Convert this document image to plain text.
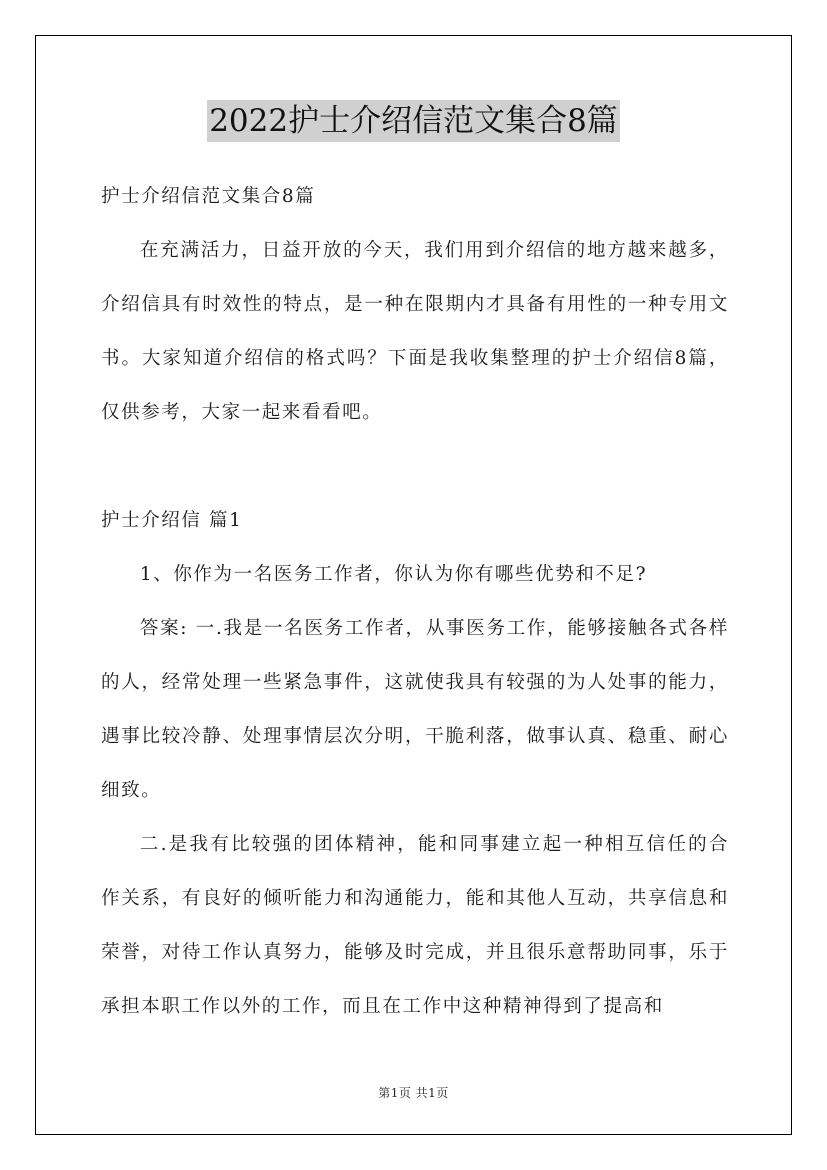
2022护士介绍信范文集合8篇

护士介绍信范文集合8篇

在充满活力，日益开放的今天，我们用到介绍信的地方越来越多，介绍信具有时效性的特点，是一种在限期内才具备有用性的一种专用文书。大家知道介绍信的格式吗？下面是我收集整理的护士介绍信8篇，仅供参考，大家一起来看看吧。

护士介绍信 篇1

1、你作为一名医务工作者，你认为你有哪些优势和不足?

答案: 一.我是一名医务工作者，从事医务工作，能够接触各式各样的人，经常处理一些紧急事件，这就使我具有较强的为人处事的能力，遇事比较冷静、处理事情层次分明，干脆利落，做事认真、稳重、耐心细致。

二.是我有比较强的团体精神，能和同事建立起一种相互信任的合作关系，有良好的倾听能力和沟通能力，能和其他人互动，共享信息和荣誉，对待工作认真努力，能够及时完成，并且很乐意帮助同事，乐于承担本职工作以外的工作，而且在工作中这种精神得到了提高和

第1页 共1页
